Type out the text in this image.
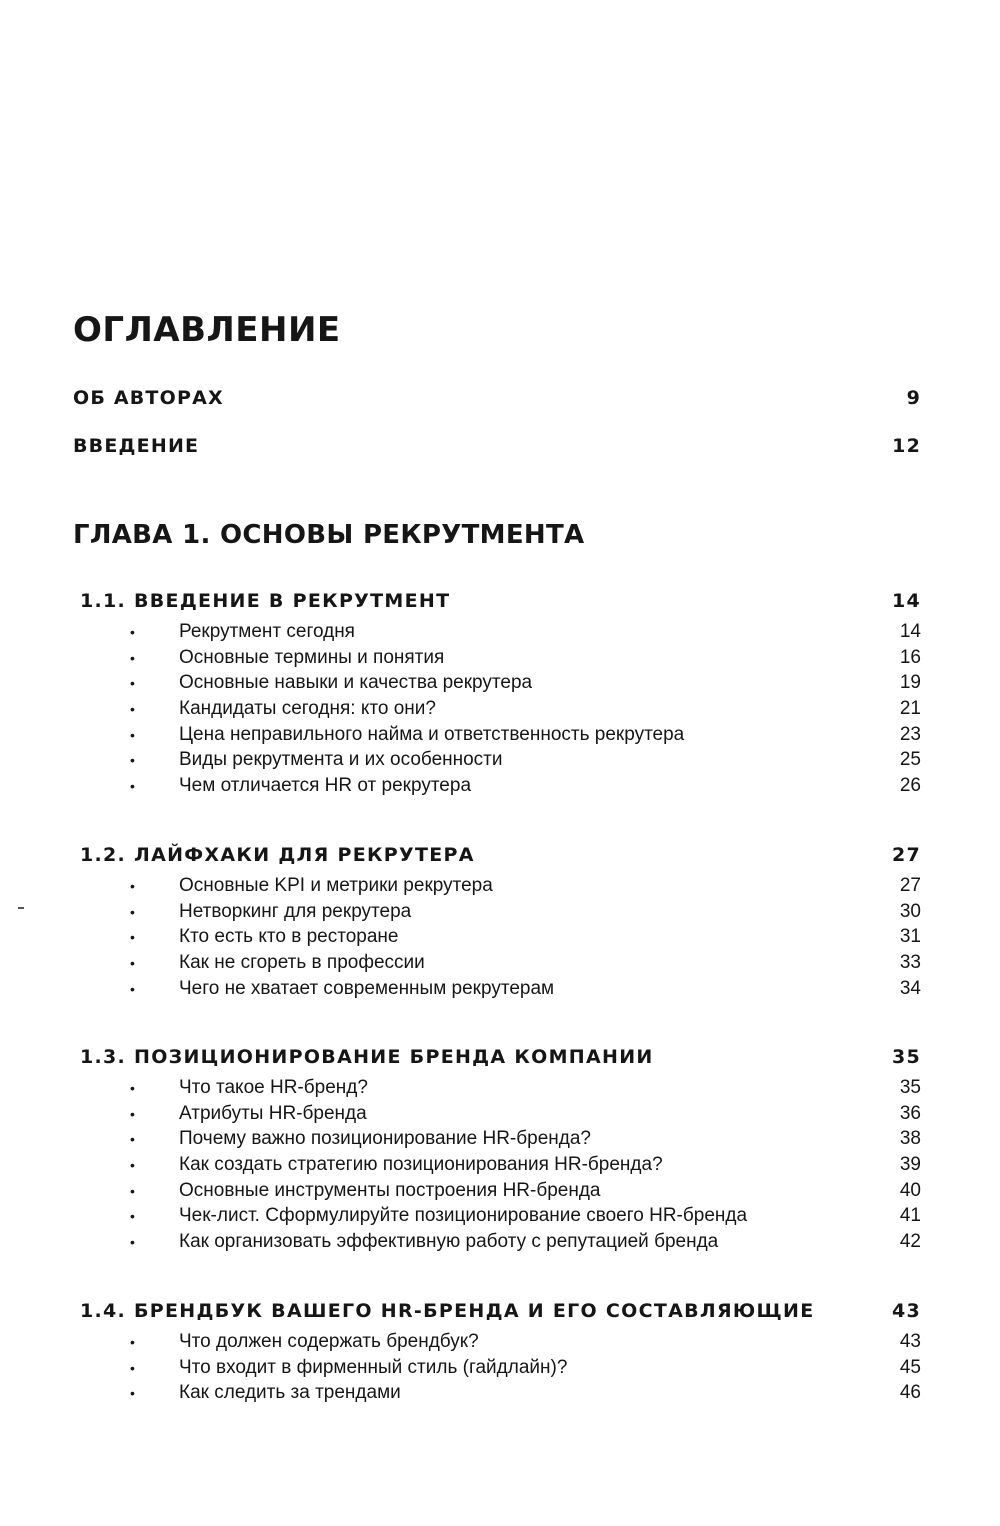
ОГЛАВЛЕНИЕ
ОБ АВТОРАХ	9
ВВЕДЕНИЕ	12
ГЛАВА 1. ОСНОВЫ РЕКРУТМЕНТА
1.1. ВВЕДЕНИЕ В РЕКРУТМЕНТ	14
•	Рекрутмент сегодня	14
•	Основные термины и понятия	16
•	Основные навыки и качества рекрутера	19
•	Кандидаты сегодня: кто они?	21
•	Цена неправильного найма и ответственность рекрутера	23
•	Виды рекрутмента и их особенности	25
•	Чем отличается HR от рекрутера	26
1.2. ЛАЙФХАКИ ДЛЯ РЕКРУТЕРА	27
•	Основные KPI и метрики рекрутера	27
•	Нетворкинг для рекрутера	30
•	Кто есть кто в ресторане	31
•	Как не сгореть в профессии	33
•	Чего не хватает современным рекрутерам	34
1.3. ПОЗИЦИОНИРОВАНИЕ БРЕНДА КОМПАНИИ	35
•	Что такое HR-бренд?	35
•	Атрибуты HR-бренда	36
•	Почему важно позиционирование HR-бренда?	38
•	Как создать стратегию позиционирования HR-бренда?	39
•	Основные инструменты построения HR-бренда	40
•	Чек-лист. Сформулируйте позиционирование своего HR-бренда	41
•	Как организовать эффективную работу с репутацией бренда	42
1.4. БРЕНДБУК ВАШЕГО HR-БРЕНДА И ЕГО СОСТАВЛЯЮЩИЕ	43
•	Что должен содержать брендбук?	43
•	Что входит в фирменный стиль (гайдлайн)?	45
•	Как следить за трендами	46
